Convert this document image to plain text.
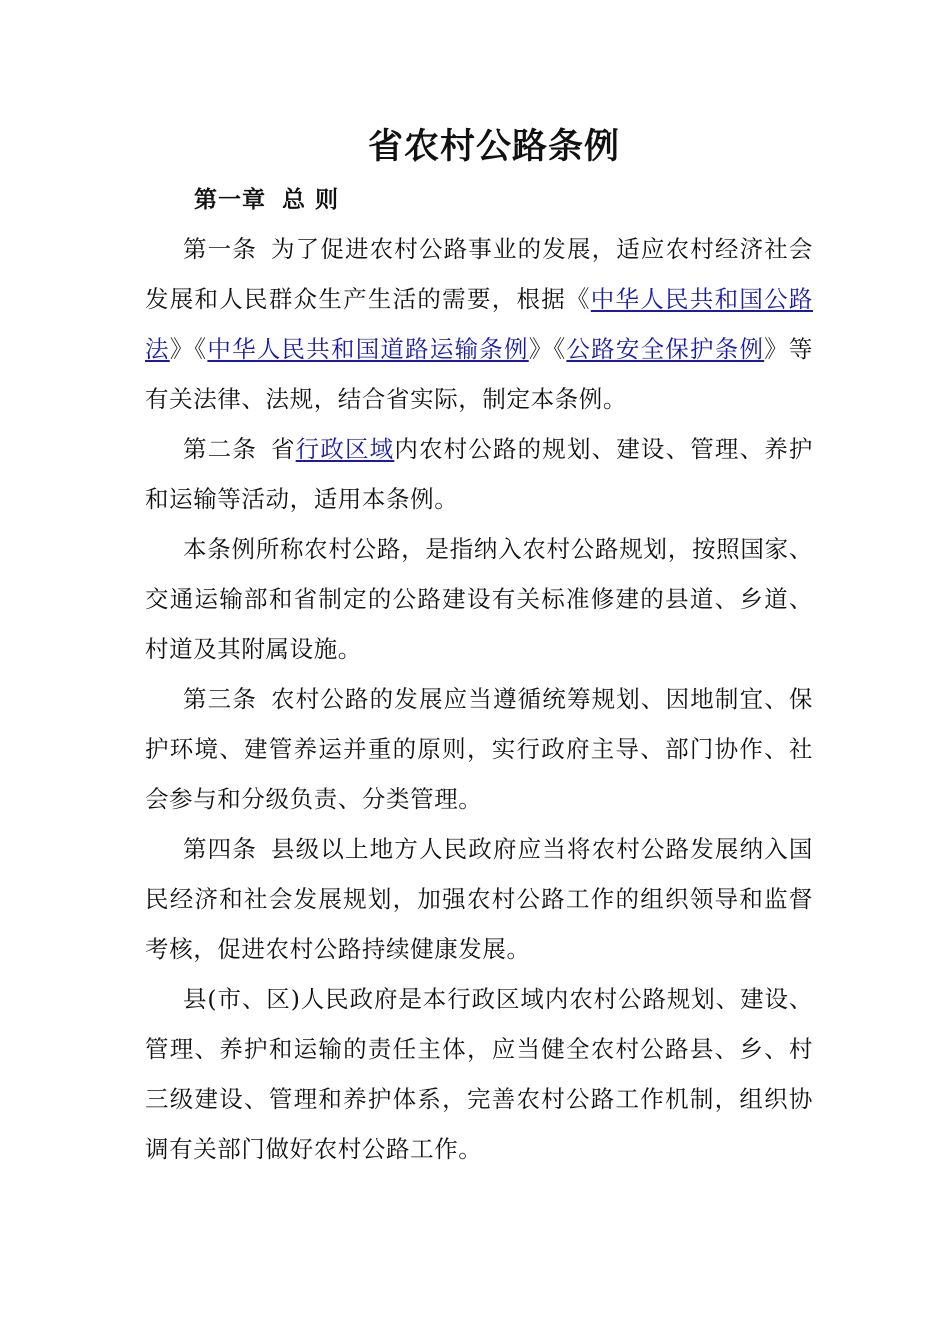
省农村公路条例
第一章 总 则

第一条 为了促进农村公路事业的发展，适应农村经济社会发展和人民群众生产生活的需要，根据《中华人民共和国公路法》《中华人民共和国道路运输条例》《公路安全保护条例》等有关法律、法规，结合省实际，制定本条例。

第二条 省行政区域内农村公路的规划、建设、管理、养护和运输等活动，适用本条例。

本条例所称农村公路，是指纳入农村公路规划，按照国家、交通运输部和省制定的公路建设有关标准修建的县道、乡道、村道及其附属设施。

第三条 农村公路的发展应当遵循统筹规划、因地制宜、保护环境、建管养运并重的原则，实行政府主导、部门协作、社会参与和分级负责、分类管理。

第四条 县级以上地方人民政府应当将农村公路发展纳入国民经济和社会发展规划，加强农村公路工作的组织领导和监督考核，促进农村公路持续健康发展。

县(市、区)人民政府是本行政区域内农村公路规划、建设、管理、养护和运输的责任主体，应当健全农村公路县、乡、村三级建设、管理和养护体系，完善农村公路工作机制，组织协调有关部门做好农村公路工作。
